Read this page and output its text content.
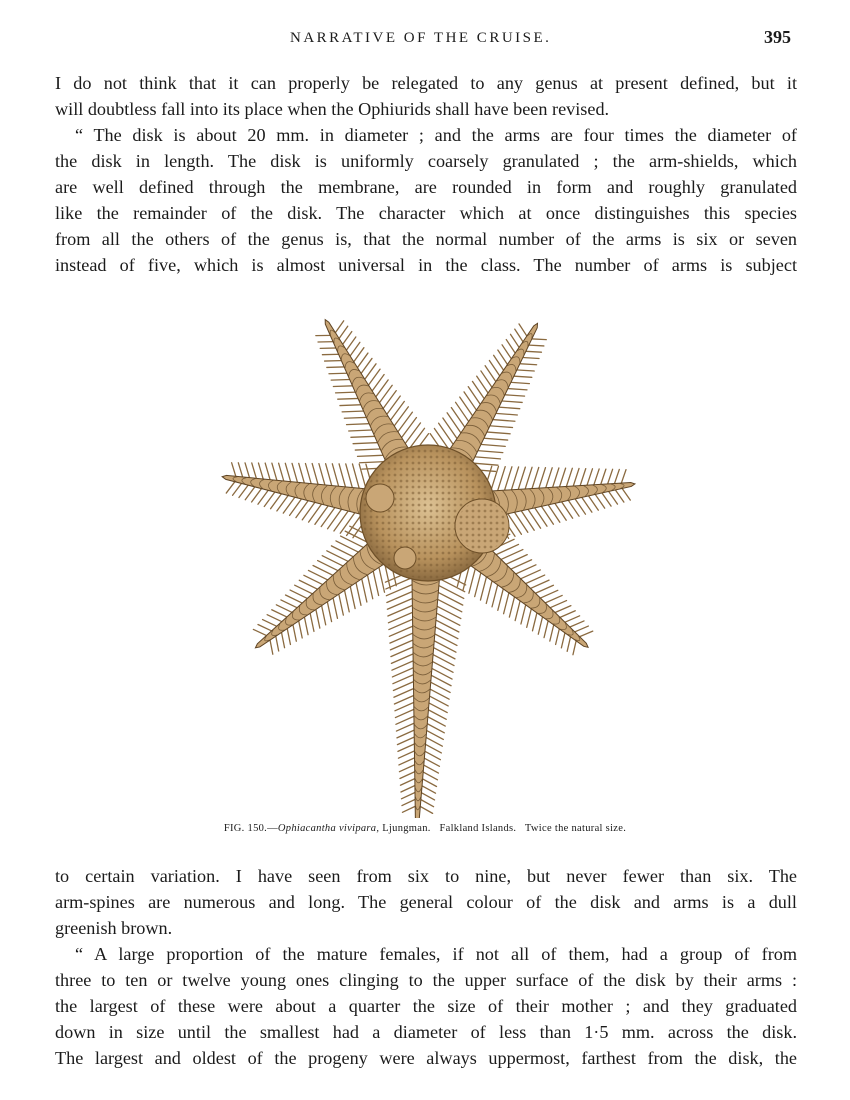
NARRATIVE OF THE CRUISE.	395
I do not think that it can properly be relegated to any genus at present defined, but it
will doubtless fall into its place when the Ophiurids shall have been revised.
“ The disk is about 20 mm. in diameter ; and the arms are four times the diameter of
the disk in length. The disk is uniformly coarsely granulated ; the arm-shields, which
are well defined through the membrane, are rounded in form and roughly granulated
like the remainder of the disk. The character which at once distinguishes this species
from all the others of the genus is, that the normal number of the arms is six or seven
instead of five, which is almost universal in the class. The number of arms is subject
FIG. 150.—Ophiacantha vivipara, Ljungman. Falkland Islands. Twice the natural size.
to certain variation. I have seen from six to nine, but never fewer than six. The
arm-spines are numerous and long. The general colour of the disk and arms is a dull
greenish brown.
“ A large proportion of the mature females, if not all of them, had a group of from
three to ten or twelve young ones clinging to the upper surface of the disk by their arms :
the largest of these were about a quarter the size of their mother ; and they graduated
down in size until the smallest had a diameter of less than 1·5 mm. across the disk.
The largest and oldest of the progeny were always uppermost, farthest from the disk, the
